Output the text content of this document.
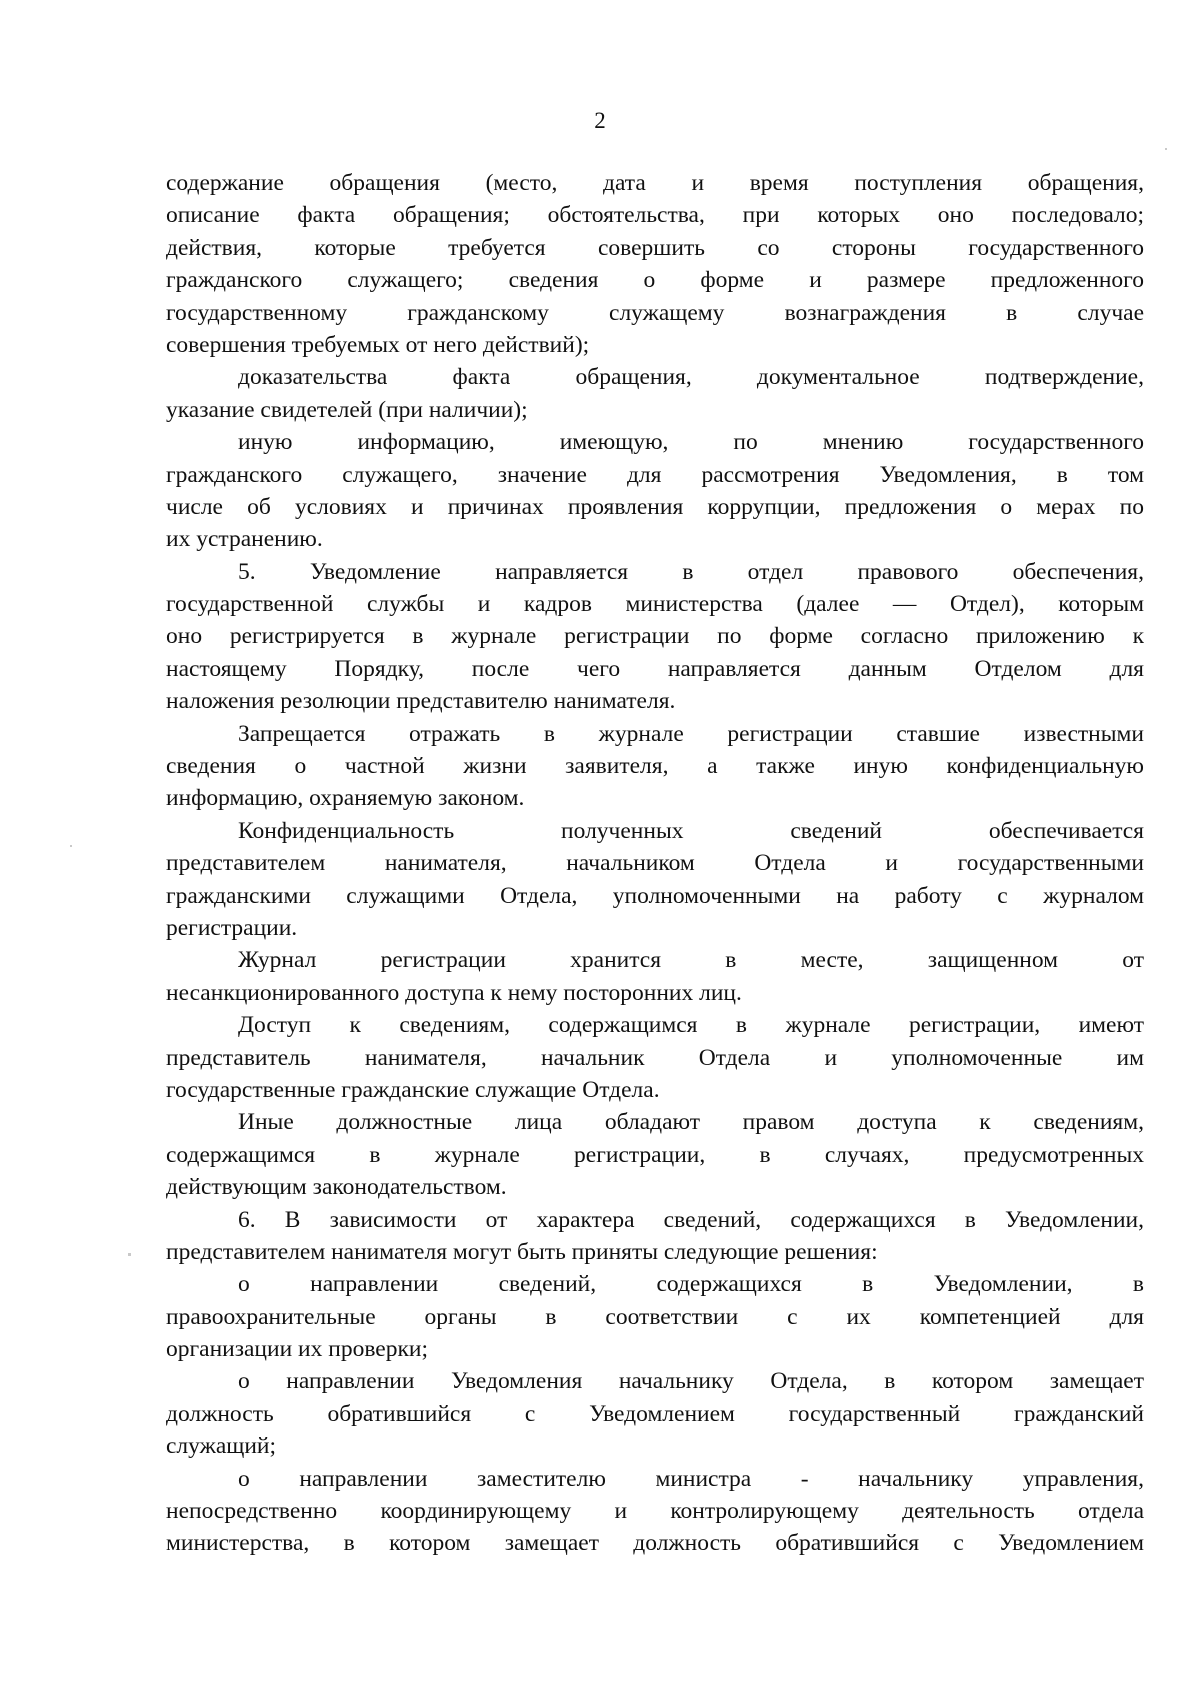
2
содержание обращения (место, дата и время поступления обращения,
описание факта обращения; обстоятельства, при которых оно последовало;
действия, которые требуется совершить со стороны государственного
гражданского служащего; сведения о форме и размере предложенного
государственному гражданскому служащему вознаграждения в случае
совершения требуемых от него действий);
доказательства факта обращения, документальное подтверждение,
указание свидетелей (при наличии);
иную информацию, имеющую, по мнению государственного
гражданского служащего, значение для рассмотрения Уведомления, в том
числе об условиях и причинах проявления коррупции, предложения о мерах по
их устранению.
5. Уведомление направляется в отдел правового обеспечения,
государственной службы и кадров министерства (далее — Отдел), которым
оно регистрируется в журнале регистрации по форме согласно приложению к
настоящему Порядку, после чего направляется данным Отделом для
наложения резолюции представителю нанимателя.
Запрещается отражать в журнале регистрации ставшие известными
сведения о частной жизни заявителя, а также иную конфиденциальную
информацию, охраняемую законом.
Конфиденциальность полученных сведений обеспечивается
представителем нанимателя, начальником Отдела и государственными
гражданскими служащими Отдела, уполномоченными на работу с журналом
регистрации.
Журнал регистрации хранится в месте, защищенном от
несанкционированного доступа к нему посторонних лиц.
Доступ к сведениям, содержащимся в журнале регистрации, имеют
представитель нанимателя, начальник Отдела и уполномоченные им
государственные гражданские служащие Отдела.
Иные должностные лица обладают правом доступа к сведениям,
содержащимся в журнале регистрации, в случаях, предусмотренных
действующим законодательством.
6. В зависимости от характера сведений, содержащихся в Уведомлении,
представителем нанимателя могут быть приняты следующие решения:
о направлении сведений, содержащихся в Уведомлении, в
правоохранительные органы в соответствии с их компетенцией для
организации их проверки;
о направлении Уведомления начальнику Отдела, в котором замещает
должность обратившийся с Уведомлением государственный гражданский
служащий;
о направлении заместителю министра - начальнику управления,
непосредственно координирующему и контролирующему деятельность отдела
министерства, в котором замещает должность обратившийся с Уведомлением
